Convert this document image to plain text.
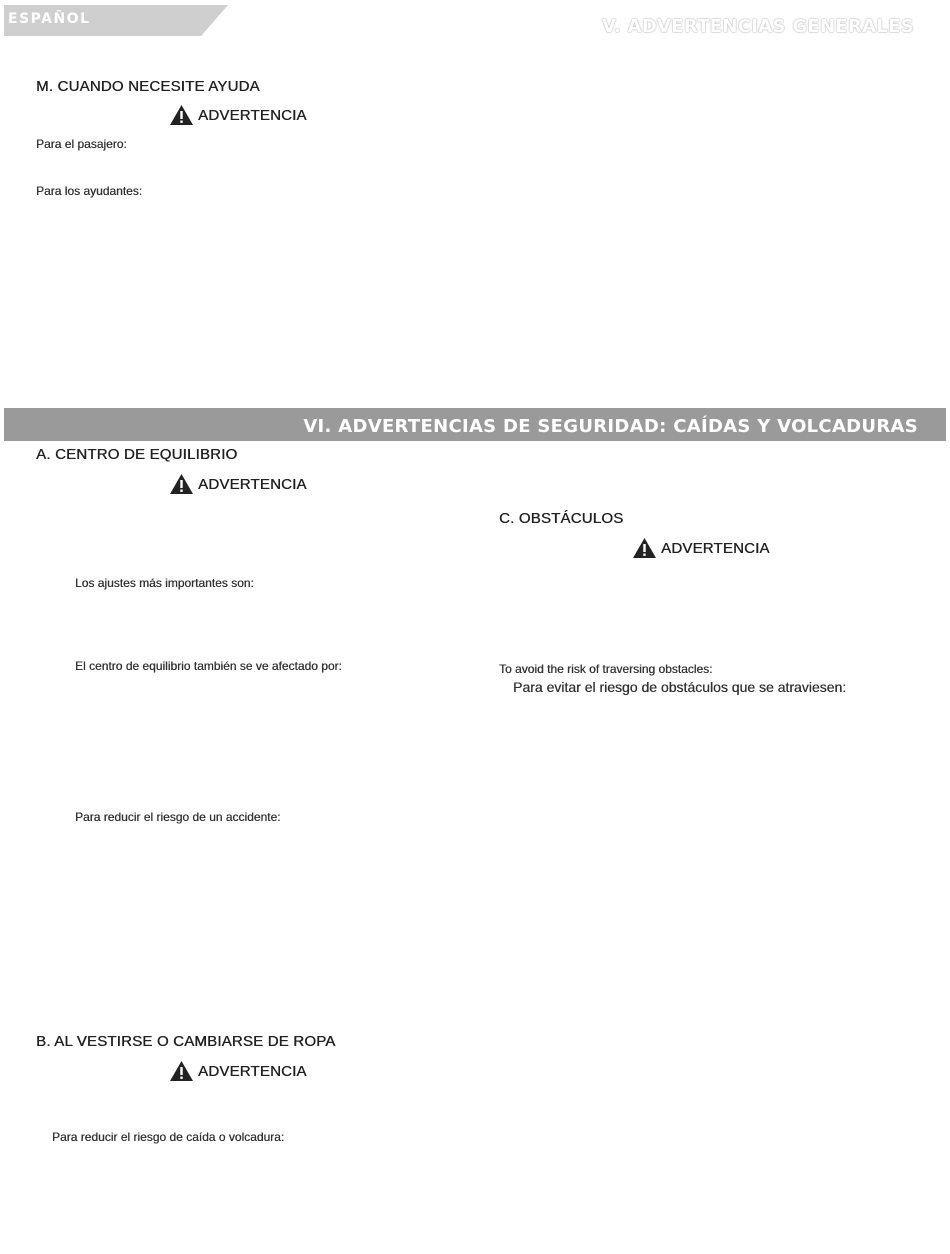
ESPAÑOL	V. ADVERTENCIAS GENERALES
M. CUANDO NECESITE AYUDA
ADVERTENCIA
Para el pasajero:
Para los ayudantes:
VI. ADVERTENCIAS DE SEGURIDAD: CAÍDAS Y VOLCADURAS
A. CENTRO DE EQUILIBRIO
ADVERTENCIA
Los ajustes más importantes son:
El centro de equilibrio también se ve afectado por:
Para reducir el riesgo de un accidente:
B. AL VESTIRSE O CAMBIARSE DE ROPA
ADVERTENCIA
Para reducir el riesgo de caída o volcadura:
C. OBSTÁCULOS
ADVERTENCIA
To avoid the risk of traversing obstacles:
Para evitar el riesgo de obstáculos que se atraviesen:
